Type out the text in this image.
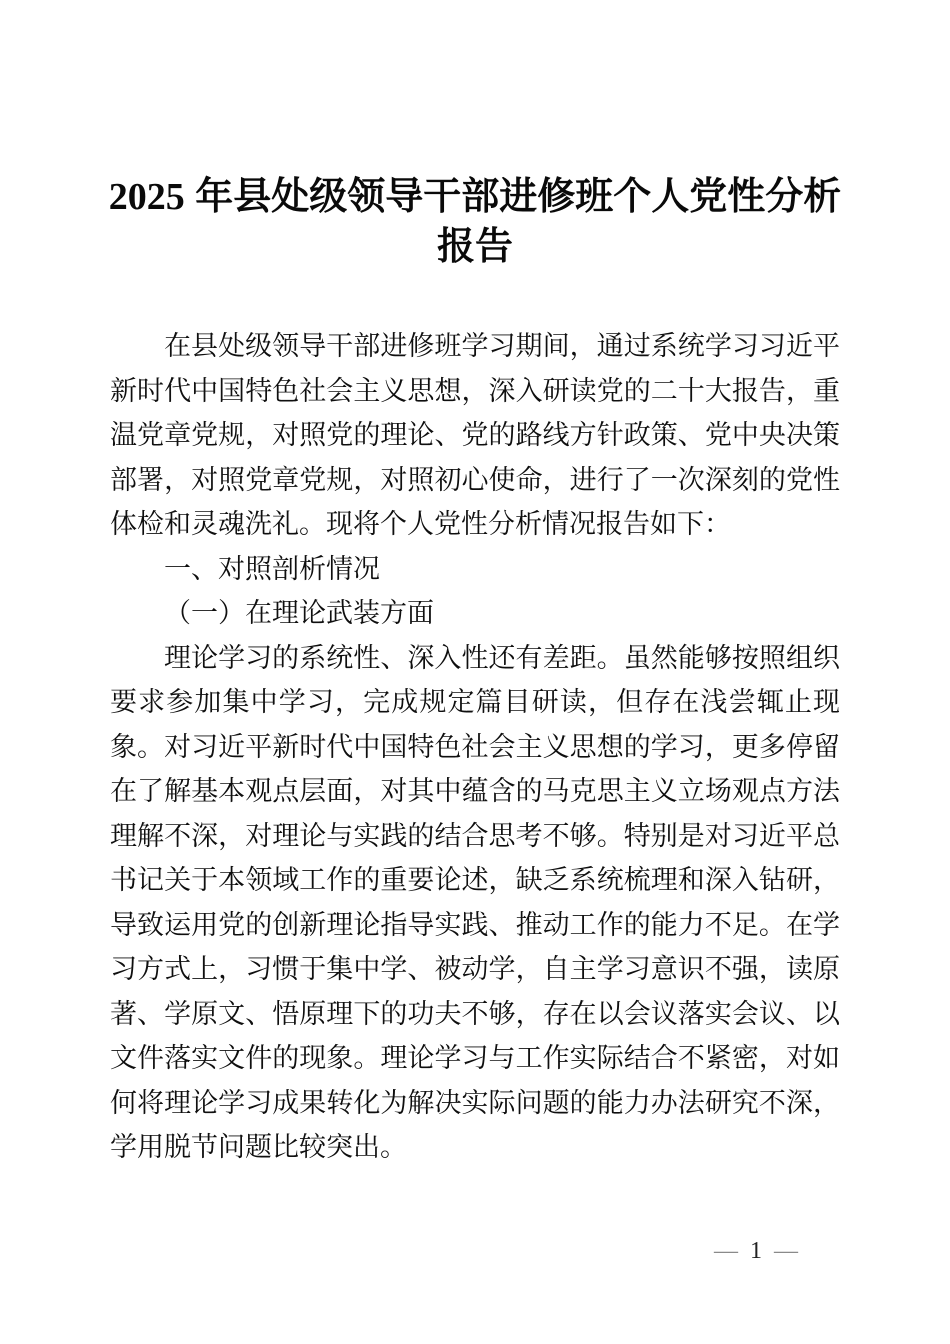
2025 年县处级领导干部进修班个人党性分析报告
在县处级领导干部进修班学习期间，通过系统学习习近平新时代中国特色社会主义思想，深入研读党的二十大报告，重温党章党规，对照党的理论、党的路线方针政策、党中央决策部署，对照党章党规，对照初心使命，进行了一次深刻的党性体检和灵魂洗礼。现将个人党性分析情况报告如下：
一、对照剖析情况
（一）在理论武装方面
理论学习的系统性、深入性还有差距。虽然能够按照组织要求参加集中学习，完成规定篇目研读，但存在浅尝辄止现象。对习近平新时代中国特色社会主义思想的学习，更多停留在了解基本观点层面，对其中蕴含的马克思主义立场观点方法理解不深，对理论与实践的结合思考不够。特别是对习近平总书记关于本领域工作的重要论述，缺乏系统梳理和深入钻研，导致运用党的创新理论指导实践、推动工作的能力不足。在学习方式上，习惯于集中学、被动学，自主学习意识不强，读原著、学原文、悟原理下的功夫不够，存在以会议落实会议、以文件落实文件的现象。理论学习与工作实际结合不紧密，对如何将理论学习成果转化为解决实际问题的能力办法研究不深，学用脱节问题比较突出。
— 1 —
